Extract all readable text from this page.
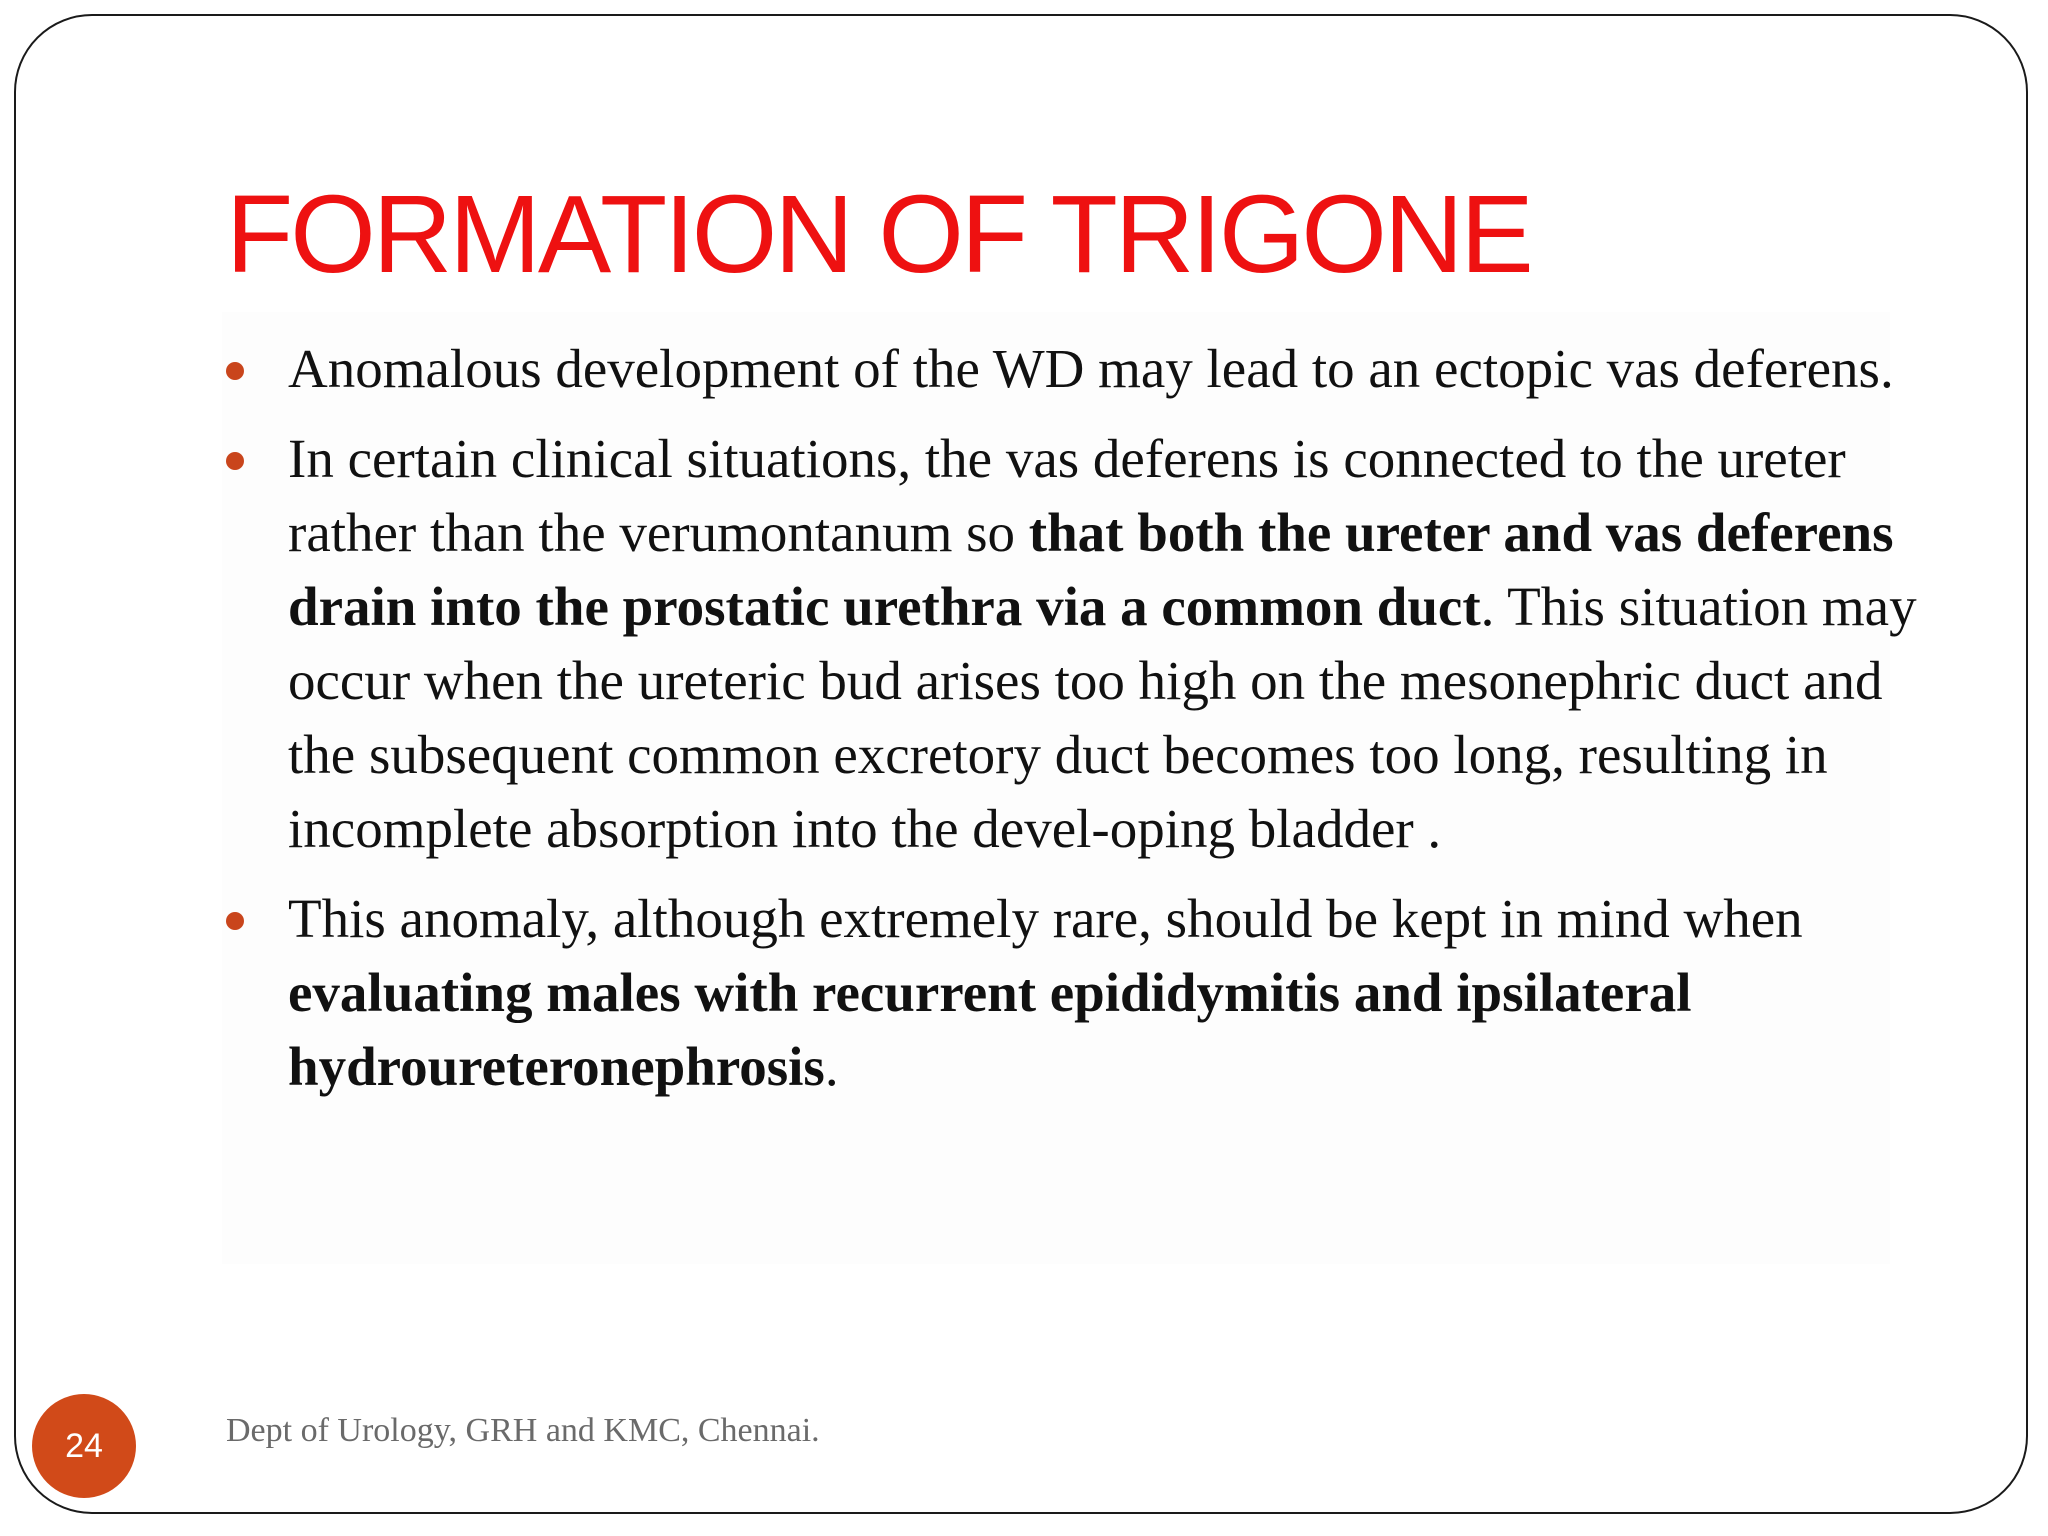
FORMATION OF TRIGONE
Anomalous development of the WD may lead to an ectopic vas deferens.
In certain clinical situations, the vas deferens is connected to the ureter rather than the verumontanum so that both the ureter and vas deferens drain into the prostatic urethra via a common duct. This situation may occur when the ureteric bud arises too high on the mesonephric duct and the subsequent common excretory duct becomes too long, resulting in incomplete absorption into the devel-oping bladder .
This anomaly, although extremely rare, should be kept in mind when evaluating males with recurrent epididymitis and ipsilateral hydroureteronephrosis.
24	Dept of Urology, GRH and KMC, Chennai.
